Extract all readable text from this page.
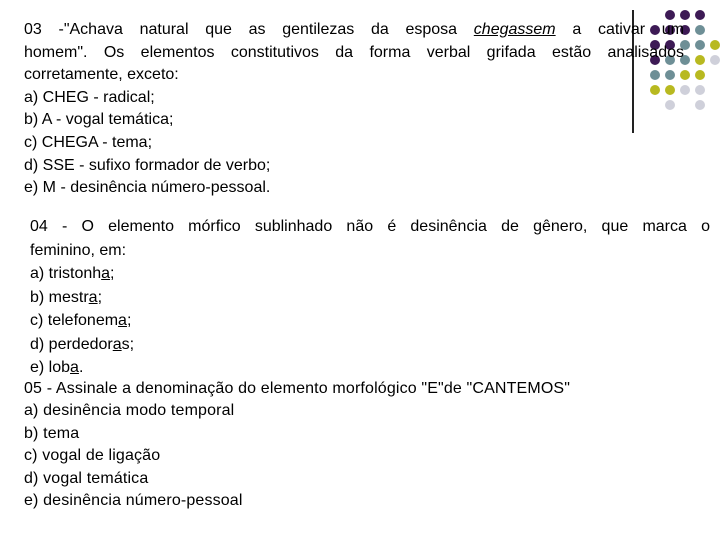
03 -"Achava natural que as gentilezas da esposa chegassem a cativar um

homem". Os elementos constitutivos da forma verbal grifada estão analisados

corretamente, exceto:

a) CHEG - radical;

b) A - vogal temática;

c) CHEGA - tema;

d) SSE - sufixo formador de verbo;

e) M - desinência número-pessoal.

04 - O elemento mórfico sublinhado não é desinência de gênero, que marca o

feminino, em:

a) tristonha;

b) mestra;

c) telefonema;

d) perdedoras;

e) loba.

05 - Assinale a denominação do elemento morfológico "E"de "CANTEMOS"

a) desinência modo temporal

b) tema

c) vogal de ligação

d) vogal temática

e) desinência número-pessoal
